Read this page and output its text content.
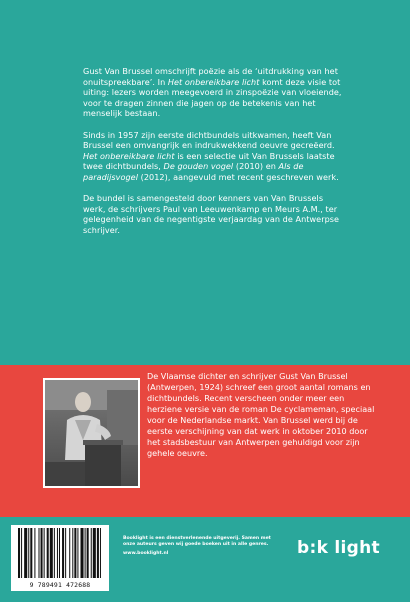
Gust Van Brussel omschrijft poëzie als de ‘uitdrukking van het onuitspreekbare’. In Het onbereikbare licht komt deze visie tot uiting: lezers worden meegevoerd in zinspoëzie van vloeiende, voor te dragen zinnen die jagen op de betekenis van het menselijk bestaan.

Sinds in 1957 zijn eerste dichtbundels uitkwamen, heeft Van Brussel een omvangrijk en indrukwekkend oeuvre gecreëerd. Het onbereikbare licht is een selectie uit Van Brussels laatste twee dichtbundels, De gouden vogel (2010) en Als de paradijsvogel (2012), aangevuld met recent geschreven werk.

De bundel is samengesteld door kenners van Van Brussels werk, de schrijvers Paul van Leeuwenkamp en Meurs A.M., ter gelegenheid van de negentigste verjaardag van de Antwerpse schrijver.

De Vlaamse dichter en schrijver Gust Van Brussel (Antwerpen, 1924) schreef een groot aantal romans en dichtbundels. Recent verscheen onder meer een herziene versie van de roman De cyclameman, speciaal voor de Nederlandse markt. Van Brussel werd bij de eerste verschijning van dat werk in oktober 2010 door het stadsbestuur van Antwerpen gehuldigd voor zijn gehele oeuvre.
9 789491 472688

Booklight is een dienstverlenende uitgeverij. Samen met onze auteurs geven wij goede boeken uit in alle genres.

www.booklight.nl	b:k light
